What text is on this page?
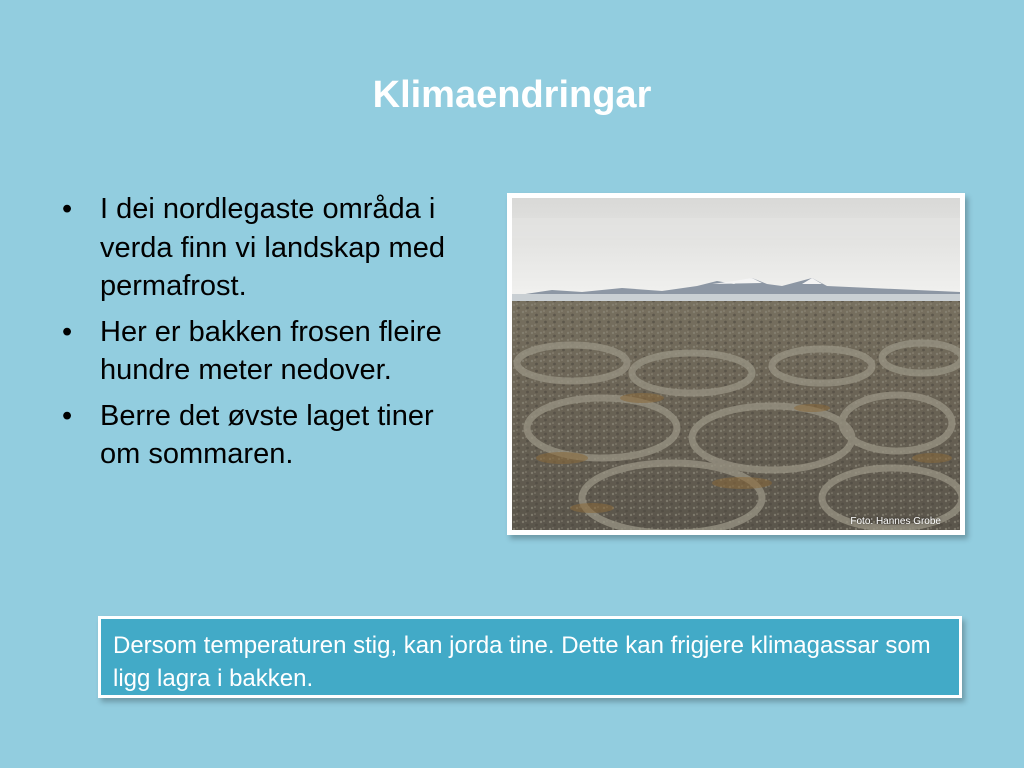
Klimaendringar
• I dei nordlegaste områda i verda finn vi landskap med permafrost.
• Her er bakken frosen fleire hundre meter nedover.
• Berre det øvste laget tiner om sommaren.
Foto: Hannes Grobe

Dersom temperaturen stig, kan jorda tine. Dette kan frigjere klimagassar som ligg lagra i bakken.
